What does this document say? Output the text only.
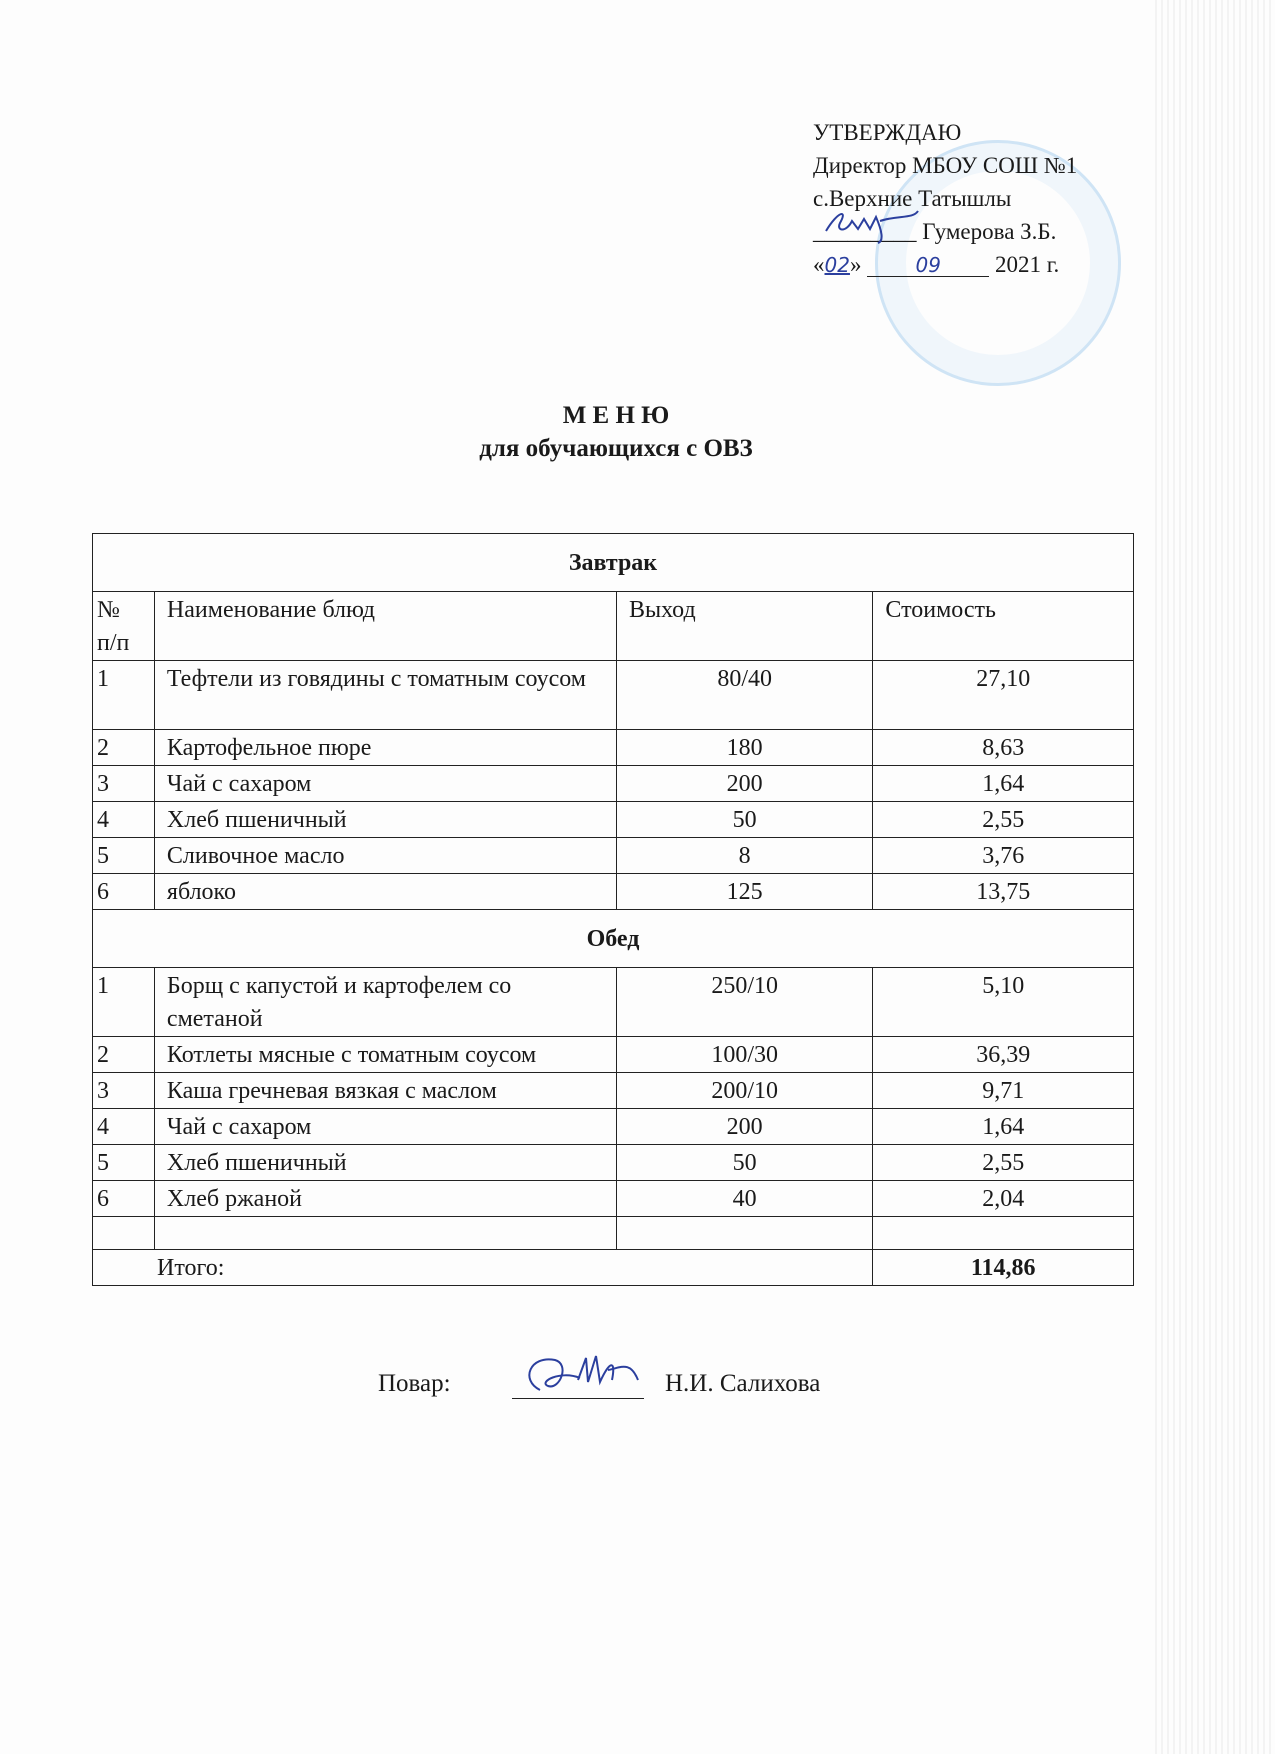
УТВЕРЖДАЮ
Директор МБОУ СОШ №1
с.Верхние Татышлы
_________ Гумерова З.Б.
«02»	09 2021 г.
М Е Н Ю
для обучающихся с ОВЗ
Завтрак			
№ п/п	Наименование блюд	Выход	Стоимость
1	Тефтели из говядины с томатным соусом	80/40	27,10
2	Картофельное пюре	180	8,63
3	Чай с сахаром	200	1,64
4	Хлеб пшеничный	50	2,55
5	Сливочное масло	8	3,76
6	яблоко	125	13,75
Обед			
1	Борщ с капустой и картофелем со сметаной	250/10	5,10
2	Котлеты мясные с томатным соусом	100/30	36,39
3	Каша гречневая вязкая с маслом	200/10	9,71
4	Чай с сахаром	200	1,64
5	Хлеб пшеничный	50	2,55
6	Хлеб ржаной	40	2,04

Итого:			114,86
Повар:	Н.И. Салихова
